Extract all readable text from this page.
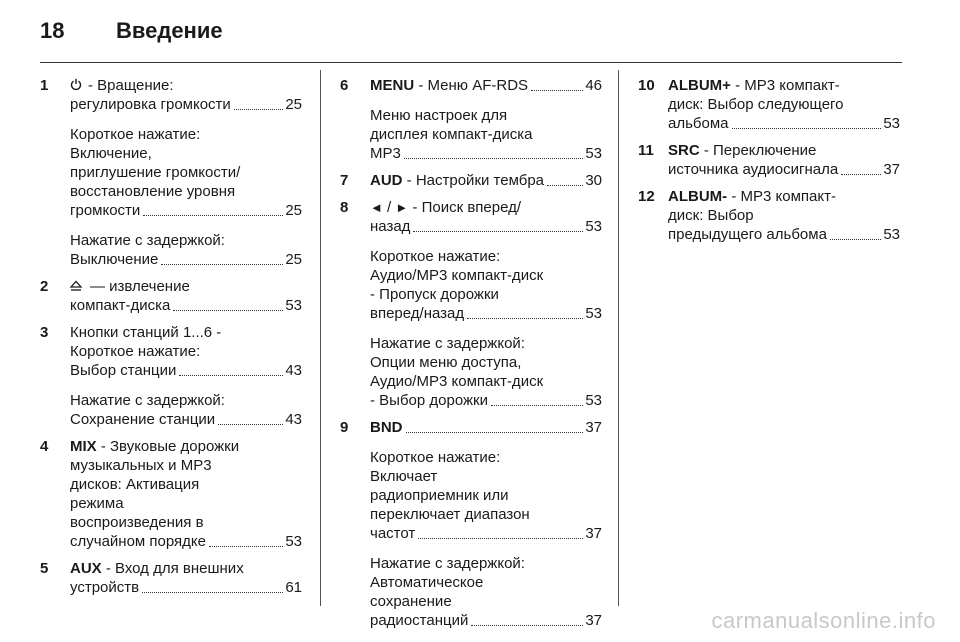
18 Введение
1	- Вращение:
регулировка громкости	25
Короткое нажатие:
Включение,
приглушение громкости/
восстановление уровня
громкости	25
Нажатие с задержкой:
Выключение	25
2	— извлечение
компакт-диска	53
3 Кнопки станций 1...6 -
Короткое нажатие:
Выбор станции	43
Нажатие с задержкой:
Сохранение станции	43
4 MIX - Звуковые дорожки
музыкальных и MP3
дисков: Активация
режима
воспроизведения в
случайном порядке	53
5 AUX - Вход для внешних
устройств	61
6 MENU - Меню AF-RDS	46
Меню настроек для
дисплея компакт-диска
MP3	53
7 AUD - Настройки тембра	30
8 ◄ / ► - Поиск вперед/
назад	53
Короткое нажатие:
Аудио/MP3 компакт-диск
- Пропуск дорожки
вперед/назад	53
Нажатие с задержкой:
Опции меню доступа,
Аудио/MP3 компакт-диск
- Выбор дорожки	53
9 BND	37
Короткое нажатие:
Включает
радиоприемник или
переключает диапазон
частот	37
Нажатие с задержкой:
Автоматическое
сохранение
радиостанций	37
10 ALBUM+ - MP3 компакт-
диск: Выбор следующего
альбома	53
11 SRC - Переключение
источника аудиосигнала	37
12 ALBUM- - MP3 компакт-
диск: Выбор
предыдущего альбома	53
carmanualsonline.info
